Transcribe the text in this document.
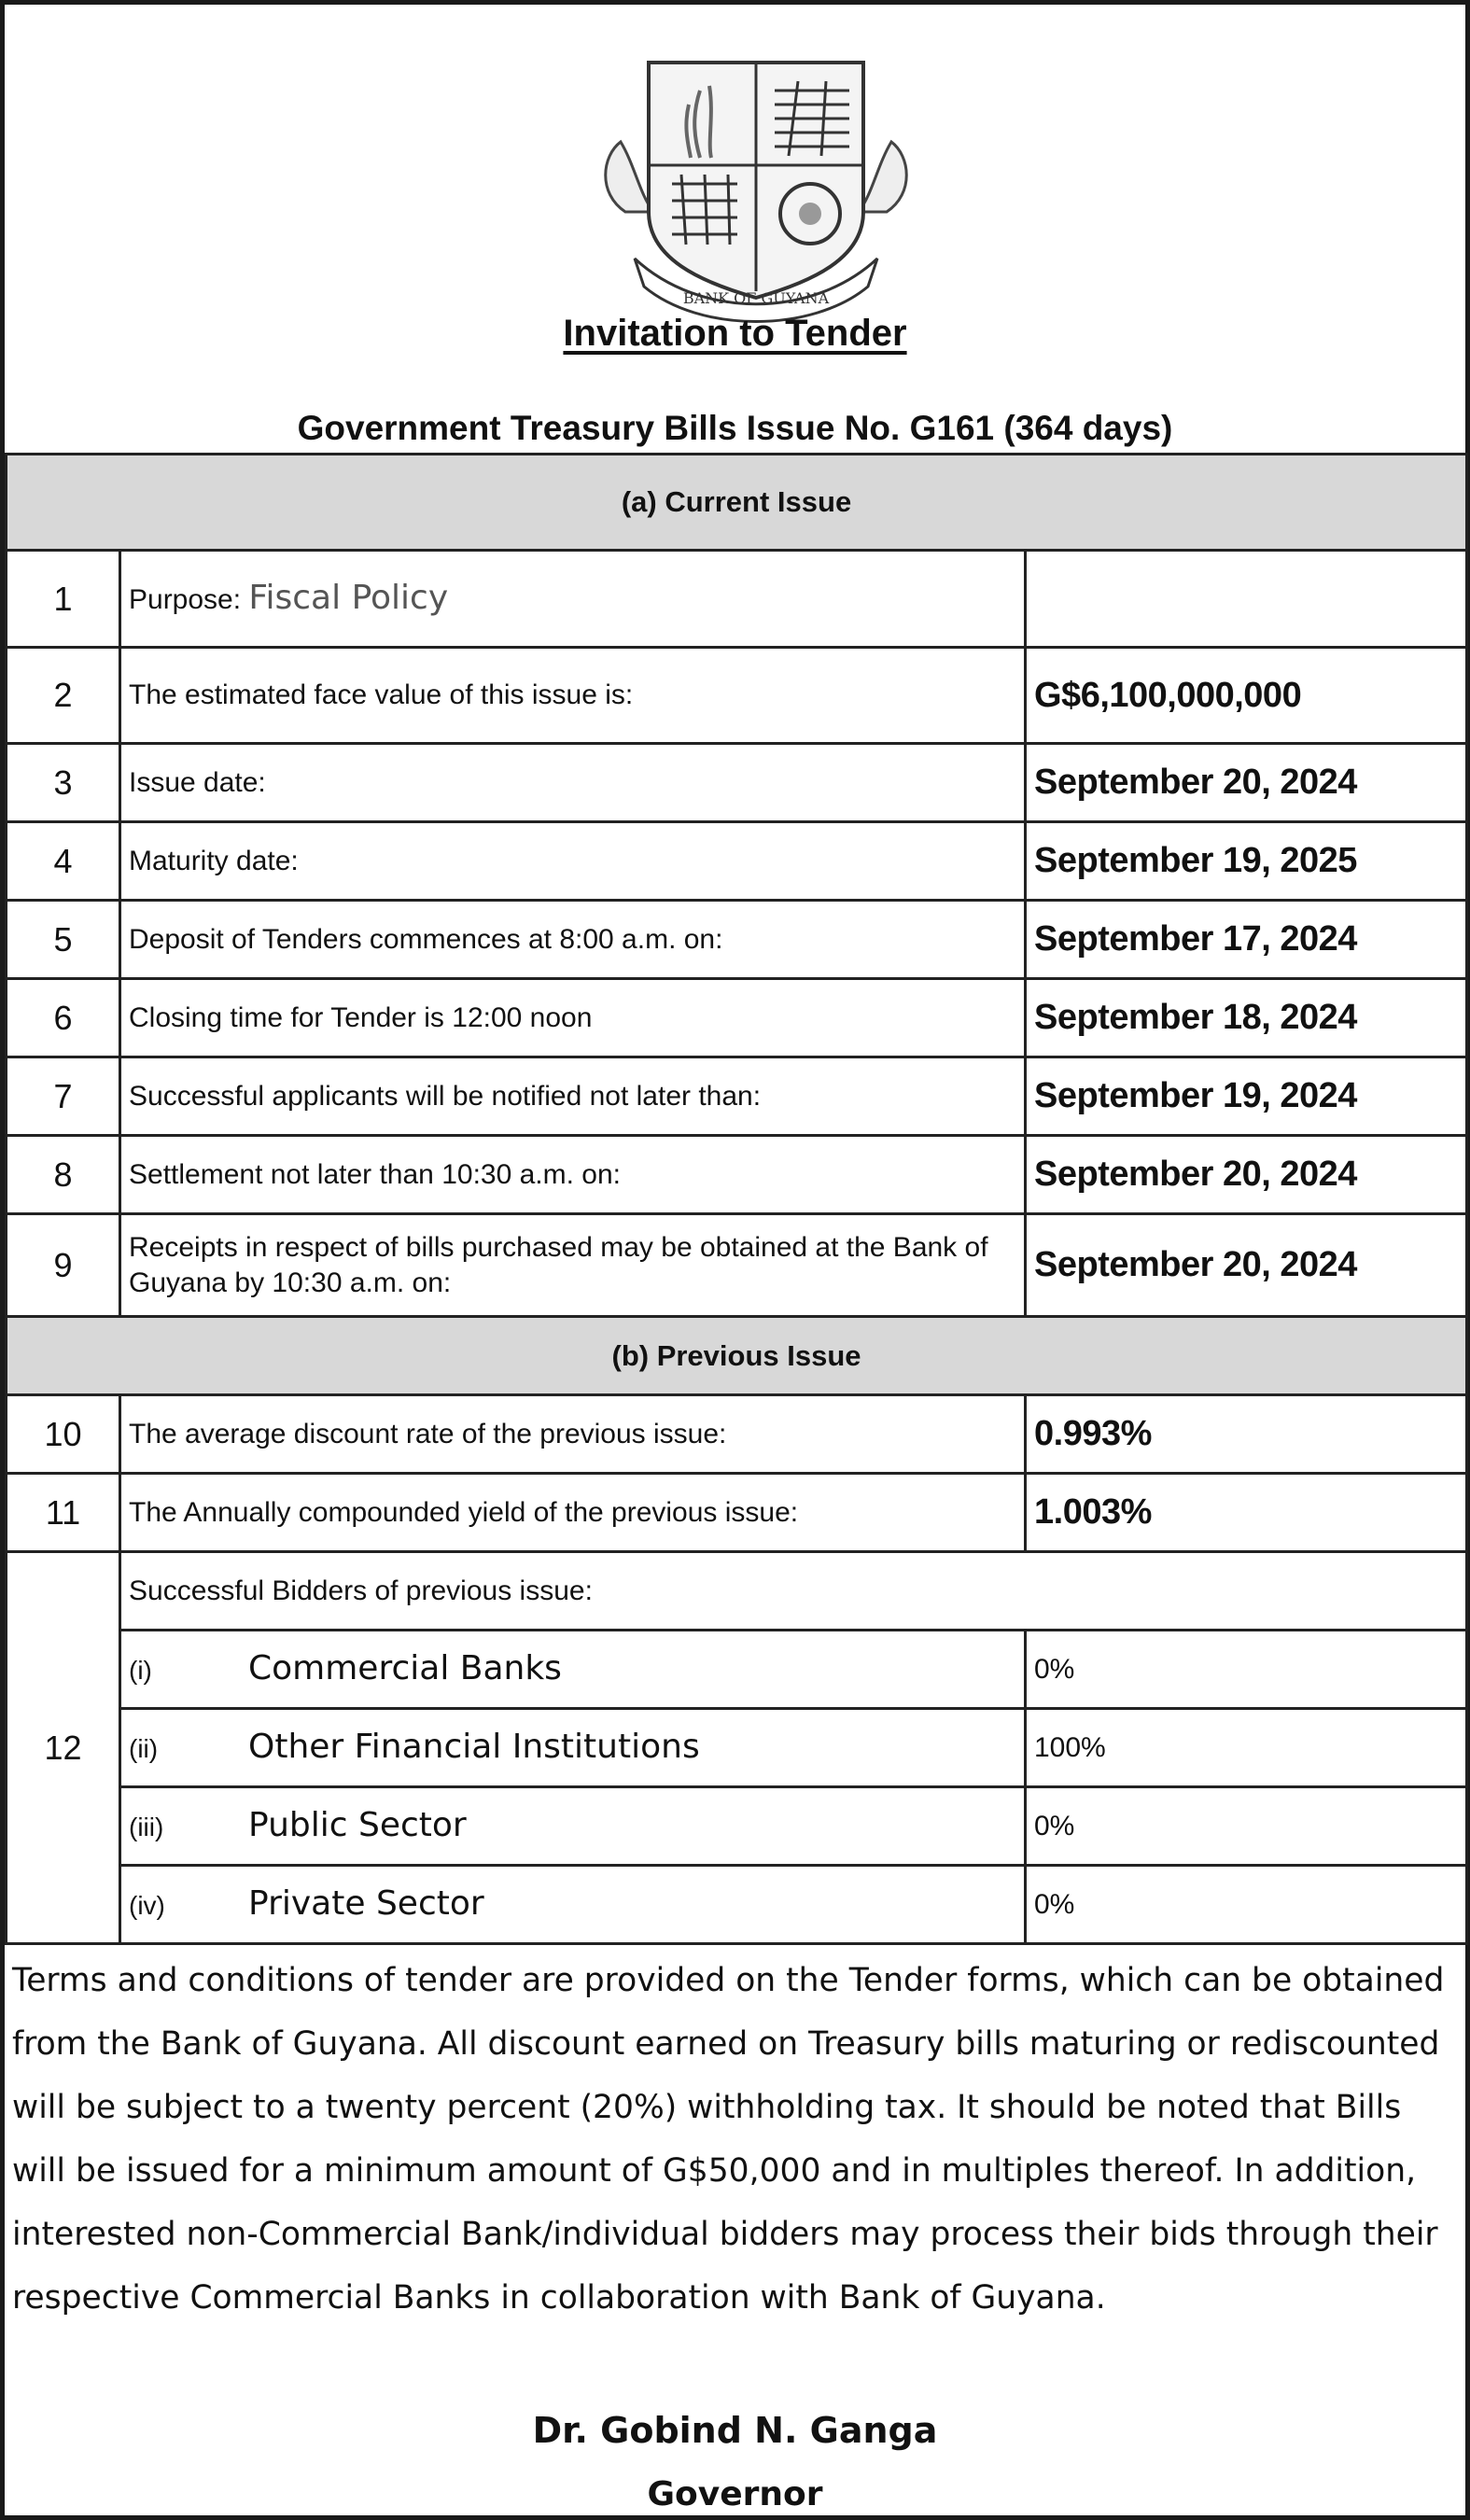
BANK OF GUYANA
Invitation to Tender
Government Treasury Bills Issue No. G161 (364 days)
(a) Current Issue		
1	Purpose: Fiscal Policy	
2	The estimated face value of this issue is:	G$6,100,000,000
3	Issue date:	September 20, 2024
4	Maturity date:	September 19, 2025
5	Deposit of Tenders commences at 8:00 a.m. on:	September 17, 2024
6	Closing time for Tender is 12:00 noon	September 18, 2024
7	Successful applicants will be notified not later than:	September 19, 2024
8	Settlement not later than 10:30 a.m. on:	September 20, 2024
9	Receipts in respect of bills purchased may be obtained at the Bank of Guyana by 10:30 a.m. on:	September 20, 2024
(b) Previous Issue		
10	The average discount rate of the previous issue:	0.993%
11	The Annually compounded yield of the previous issue:	1.003%
12	Successful Bidders of previous issue:	
	(i) Commercial Banks	0%
	(ii) Other Financial Institutions	100%
	(iii) Public Sector	0%
	(iv) Private Sector	0%
Terms and conditions of tender are provided on the Tender forms, which can be obtained from the Bank of Guyana. All discount earned on Treasury bills maturing or rediscounted will be subject to a twenty percent (20%) withholding tax. It should be noted that Bills will be issued for a minimum amount of G$50,000 and in multiples thereof. In addition, interested non-Commercial Bank/individual bidders may process their bids through their respective Commercial Banks in collaboration with Bank of Guyana.
Dr. Gobind N. Ganga
Governor
